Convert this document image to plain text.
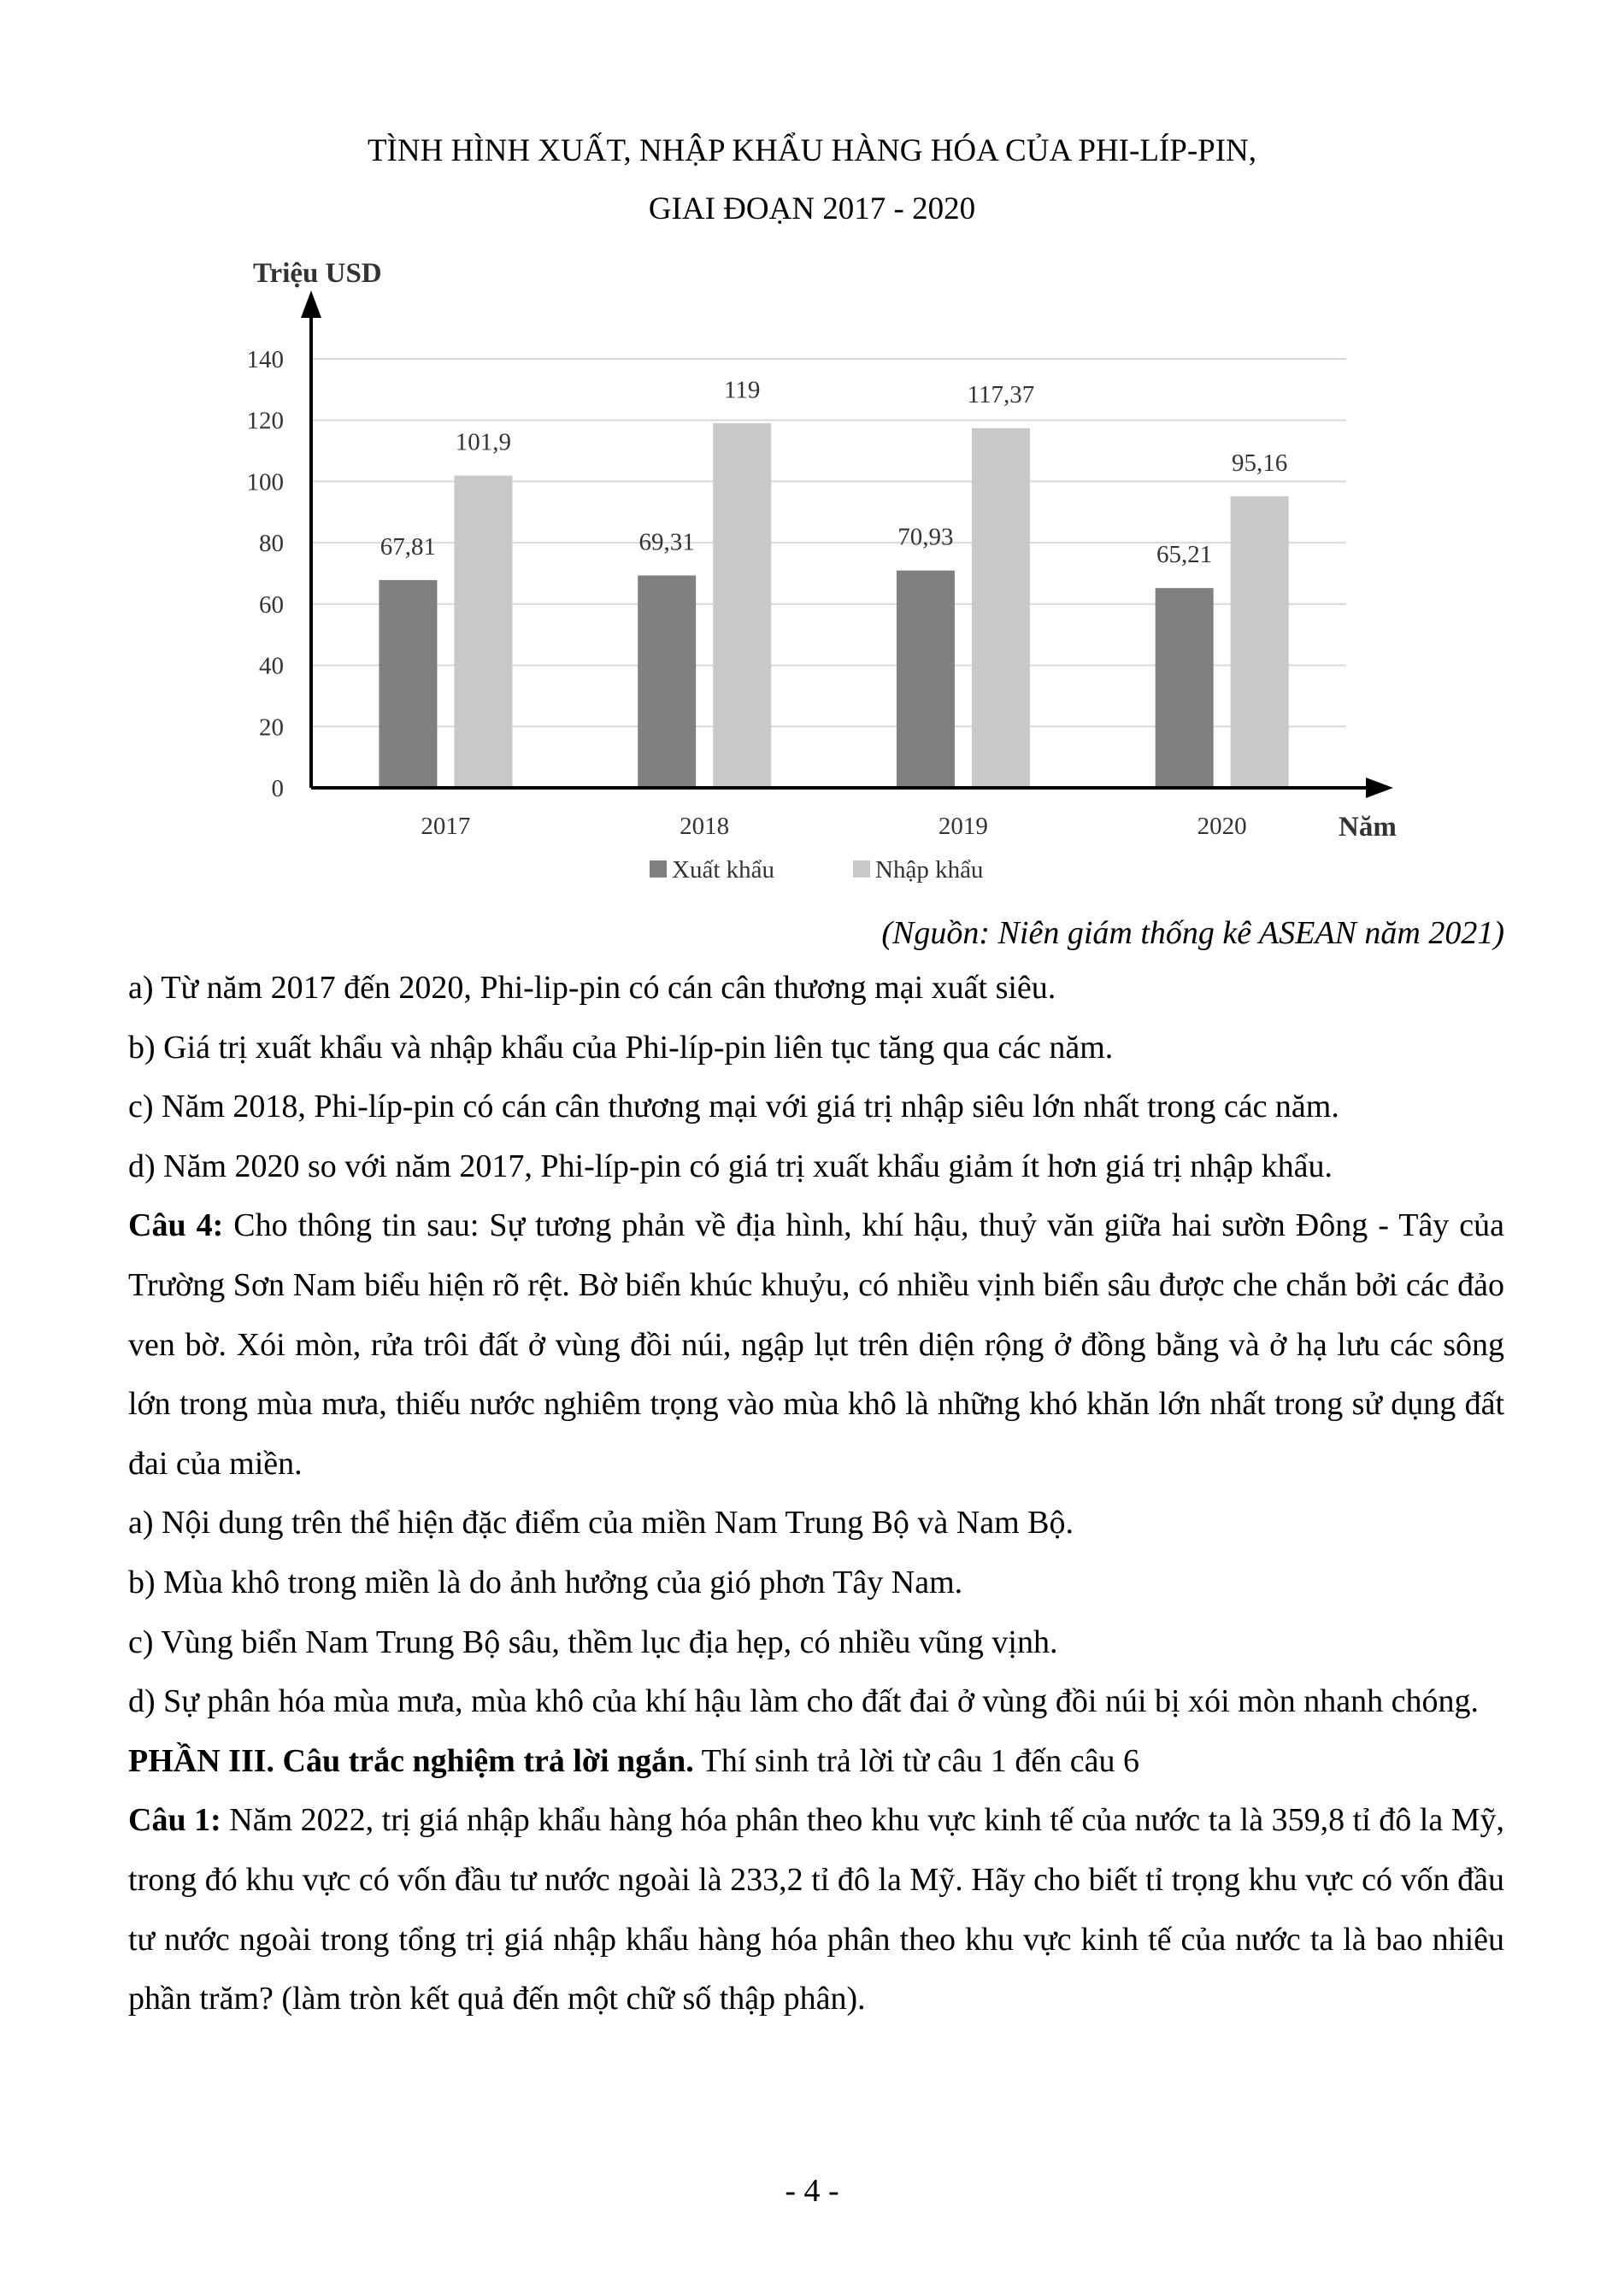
TÌNH HÌNH XUẤT, NHẬP KHẨU HÀNG HÓA CỦA PHI-LÍP-PIN,
GIAI ĐOẠN 2017 - 2020
0
20
40
60
80
100
120
140
67,81
101,9
2017
69,31
119
2018
70,93
117,37
2019
65,21
95,16
2020
Triệu USD
Năm
Xuất khẩu	Nhập khẩu
(Nguồn: Niên giám thống kê ASEAN năm 2021)
a) Từ năm 2017 đến 2020, Phi-lip-pin có cán cân thương mại xuất siêu.
b) Giá trị xuất khẩu và nhập khẩu của Phi-líp-pin liên tục tăng qua các năm.
c) Năm 2018, Phi-líp-pin có cán cân thương mại với giá trị nhập siêu lớn nhất trong các năm.
d) Năm 2020 so với năm 2017, Phi-líp-pin có giá trị xuất khẩu giảm ít hơn giá trị nhập khẩu.
Câu 4: Cho thông tin sau: Sự tương phản về địa hình, khí hậu, thuỷ văn giữa hai sườn Đông - Tây của Trường Sơn Nam biểu hiện rõ rệt. Bờ biển khúc khuỷu, có nhiều vịnh biển sâu được che chắn bởi các đảo ven bờ. Xói mòn, rửa trôi đất ở vùng đồi núi, ngập lụt trên diện rộng ở đồng bằng và ở hạ lưu các sông lớn trong mùa mưa, thiếu nước nghiêm trọng vào mùa khô là những khó khăn lớn nhất trong sử dụng đất đai của miền.
a) Nội dung trên thể hiện đặc điểm của miền Nam Trung Bộ và Nam Bộ.
b) Mùa khô trong miền là do ảnh hưởng của gió phơn Tây Nam.
c) Vùng biển Nam Trung Bộ sâu, thềm lục địa hẹp, có nhiều vũng vịnh.
d) Sự phân hóa mùa mưa, mùa khô của khí hậu làm cho đất đai ở vùng đồi núi bị xói mòn nhanh chóng.
PHẦN III. Câu trắc nghiệm trả lời ngắn. Thí sinh trả lời từ câu 1 đến câu 6
Câu 1: Năm 2022, trị giá nhập khẩu hàng hóa phân theo khu vực kinh tế của nước ta là 359,8 tỉ đô la Mỹ, trong đó khu vực có vốn đầu tư nước ngoài là 233,2 tỉ đô la Mỹ. Hãy cho biết tỉ trọng khu vực có vốn đầu tư nước ngoài trong tổng trị giá nhập khẩu hàng hóa phân theo khu vực kinh tế của nước ta là bao nhiêu phần trăm? (làm tròn kết quả đến một chữ số thập phân).
- 4 -
